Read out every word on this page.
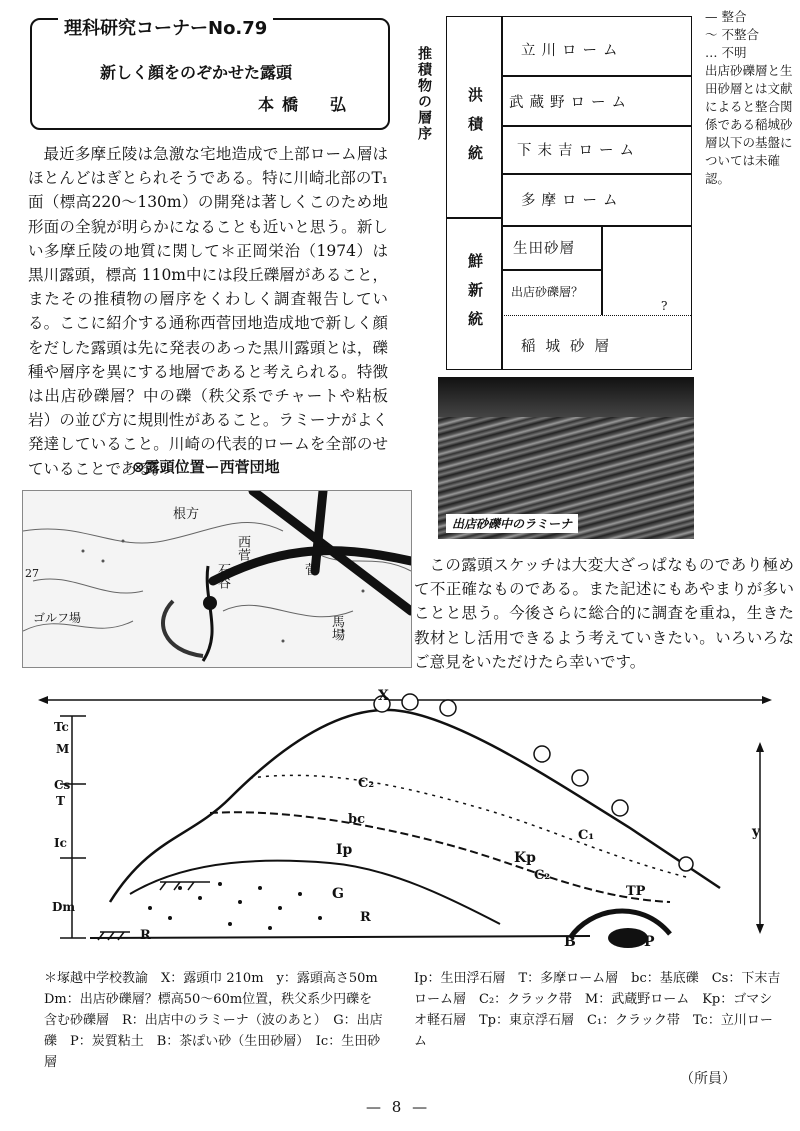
理科研究コーナーNo.79
新しく顔をのぞかせた露頭
本橋　弘

最近多摩丘陵は急激な宅地造成で上部ローム層はほとんどはぎとられそうである。特に川崎北部のT₁面（標高220〜130m）の開発は著しくこのため地形面の全貌が明らかになることも近いと思う。新しい多摩丘陵の地質に関して＊正岡栄治（1974）は黒川露頭，標高 110m中には段丘礫層があること，またその推積物の層序をくわしく調査報告している。ここに紹介する通称西菅団地造成地で新しく顔をだした露頭は先に発表のあった黒川露頭とは，礫種や層序を異にする地層であると考えられる。特徴は出店砂礫層？中の礫（秩父系でチャートや粘板岩）の並び方に規則性があること。ラミーナがよく発達していること。川崎の代表的ロームを全部のせていることである。

⊗露頭位置ー西菅団地
推積物の層序 洪積統
鮮新統
立川ローム
武蔵野ローム
下末吉ローム
多摩ローム
生田砂層
出店砂礫層？
稲城砂層
?
— 整合
〜 不整合
… 不明
出店砂礫層と生田砂層とは文献によると整合関係である稲城砂層以下の基盤については未確認。
出店砂礫中のラミーナ

この露頭スケッチは大変大ざっぱなものであり極めて不正確なものである。また記述にもあやまりが多いことと思う。今後さらに総合的に調査を重ね，生きた教材とし活用できるよう考えていきたい。いろいろなご意見をいただけたら幸いです。

根方
西菅
石谷	菅
馬場
ゴルフ場
27
X
y
Tc
M
Cs
T
Ic
Dm
R
R
C₂
bc
Ip
G
Kp
C₁
C₂
TP
B	P
＊塚越中学校教諭　X：露頭巾 210m　y：露頭高さ50m　Dm：出店砂礫層？標高50〜60m位置，秩父系少円礫を含む砂礫層　R：出店中のラミーナ（波のあと）　G：出店礫　P：炭質粘土　B：茶ぽい砂（生田砂層）　Ic：生田砂層
Ip：生田浮石層　T：多摩ローム層　bc：基底礫　Cs：下末吉ローム層　C₂：クラック帯　M：武蔵野ローム　Kp：ゴマシオ軽石層　Tp：東京浮石層　C₁：クラック帯　Tc：立川ローム
（所員）
— 8 —
